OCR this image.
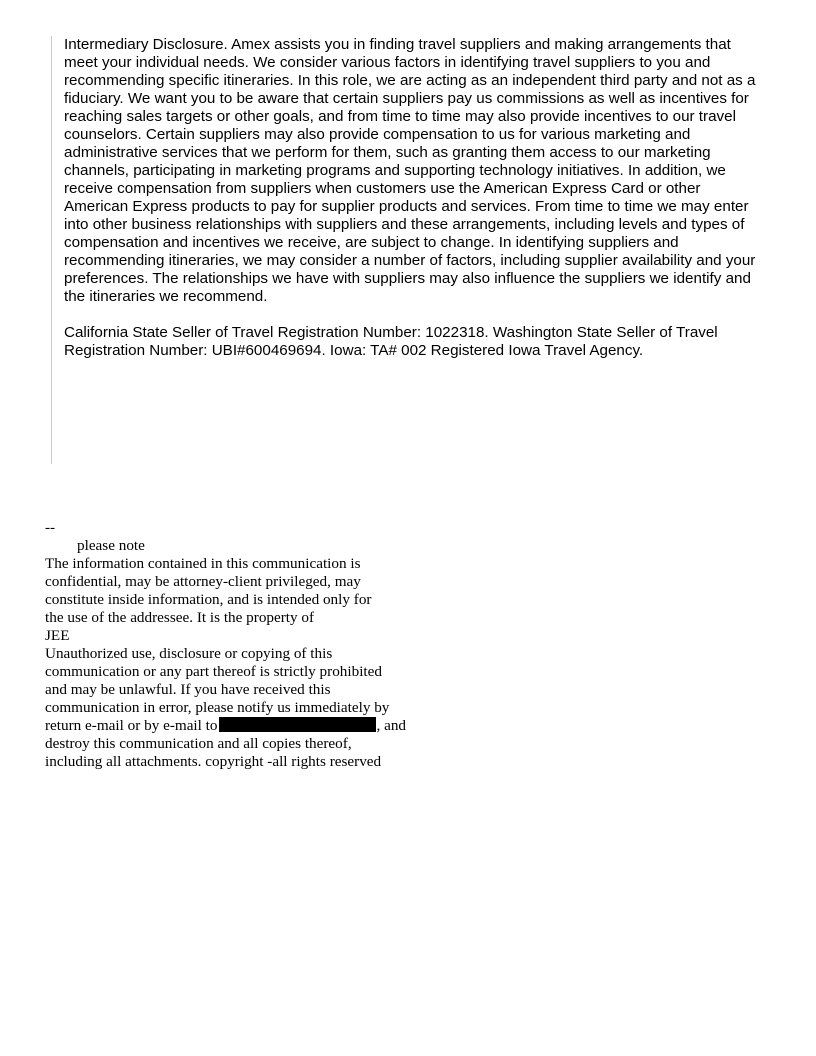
Intermediary Disclosure. Amex assists you in finding travel suppliers and making arrangements that meet your individual needs. We consider various factors in identifying travel suppliers to you and recommending specific itineraries. In this role, we are acting as an independent third party and not as a fiduciary. We want you to be aware that certain suppliers pay us commissions as well as incentives for reaching sales targets or other goals, and from time to time may also provide incentives to our travel counselors. Certain suppliers may also provide compensation to us for various marketing and administrative services that we perform for them, such as granting them access to our marketing channels, participating in marketing programs and supporting technology initiatives. In addition, we receive compensation from suppliers when customers use the American Express Card or other American Express products to pay for supplier products and services. From time to time we may enter into other business relationships with suppliers and these arrangements, including levels and types of compensation and incentives we receive, are subject to change. In identifying suppliers and recommending itineraries, we may consider a number of factors, including supplier availability and your preferences. The relationships we have with suppliers may also influence the suppliers we identify and the itineraries we recommend.

California State Seller of Travel Registration Number: 1022318. Washington State Seller of Travel Registration Number: UBI#600469694. Iowa: TA# 002 Registered Iowa Travel Agency.

--
please note
The information contained in this communication is
confidential, may be attorney-client privileged, may
constitute inside information, and is intended only for
the use of the addressee. It is the property of
JEE
Unauthorized use, disclosure or copying of this
communication or any part thereof is strictly prohibited
and may be unlawful. If you have received this
communication in error, please notify us immediately by
return e-mail or by e-mail to	, and
destroy this communication and all copies thereof,
including all attachments. copyright -all rights reserved
